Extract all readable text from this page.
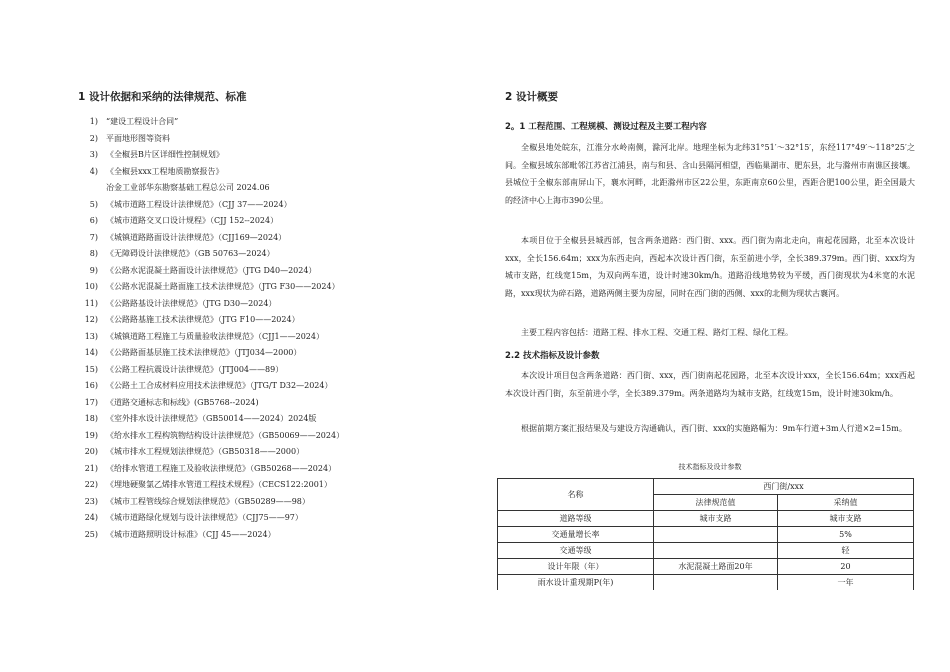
1 设计依据和采纳的法律规范、标准
1) “建设工程设计合同”
2) 平面地形图等资料
3) 《全椒县B片区详细性控制规划》
4) 《全椒县xxx工程地质勘察报告》
冶金工业部华东勘察基础工程总公司 2024.06
5) 《城市道路工程设计法律规范》（CJJ 37——2024）
6) 《城市道路交叉口设计规程》（CJJ 152--2024）
7) 《城镇道路路面设计法律规范》（CJJ169—2024）
8) 《无障碍设计法律规范》（GB 50763—2024）
9) 《公路水泥混凝土路面设计法律规范》（JTG D40—2024）
10) 《公路水泥混凝土路面施工技术法律规范》（JTG F30——2024）
11) 《公路路基设计法律规范》（JTG D30—2024）
12) 《公路路基施工技术法律规范》（JTG F10——2024）
13) 《城镇道路工程施工与质量验收法律规范》（CJJ1——2024）
14) 《公路路面基层施工技术法律规范》（JTJ034—2000）
15) 《公路工程抗震设计法律规范》（JTJ004——89）
16) 《公路土工合成材料应用技术法律规范》（JTG/T D32—2024）
17) 《道路交通标志和标线》(GB5768--2024)
18) 《室外排水设计法律规范》（GB50014——2024）2024版
19) 《给水排水工程构筑物结构设计法律规范》（GB50069——2024）
20) 《城市排水工程规划法律规范》（GB50318——2000）
21) 《给排水管道工程施工及验收法律规范》（GB50268——2024）
22) 《埋地硬聚氯乙烯排水管道工程技术规程》（CECS122:2001）
23) 《城市工程管线综合规划法律规范》（GB50289——98）
24) 《城市道路绿化规划与设计法律规范》（CJJ75——97）
25) 《城市道路照明设计标准》（CJJ 45——2024）
2 设计概要
2。1 工程范围、工程规模、测设过程及主要工程内容

全椒县地处皖东，江淮分水岭南侧，滁河北岸。地理坐标为北纬31°51′～32°15′，东经117°49′～118°25′之间。全椒县域东部毗邻江苏省江浦县，南与和县、含山县隔河相望，西临巢湖市、肥东县，北与滁州市南谯区接壤。县城位于全椒东部南屏山下，襄水河畔，北距滁州市区22公里，东距南京60公里，西距合肥100公里，距全国最大的经济中心上海市390公里。

本项目位于全椒县县城西部，包含两条道路：西门街、xxx。西门街为南北走向，南起花园路，北至本次设计xxx，全长156.64m；xxx为东西走向，西起本次设计西门街，东至前进小学，全长389.379m。西门街、xxx均为城市支路，红线宽15m，为双向两车道，设计时速30km/h。道路沿线地势较为平缓，西门街现状为4米宽的水泥路，xxx现状为碎石路，道路两侧主要为房屋，同时在西门街的西侧、xxx的北侧为现状古襄河。

主要工程内容包括：道路工程、排水工程、交通工程、路灯工程、绿化工程。

2.2 技术指标及设计参数

本次设计项目包含两条道路：西门街、xxx，西门街南起花园路，北至本次设计xxx，全长156.64m；xxx西起本次设计西门街，东至前进小学，全长389.379m。两条道路均为城市支路，红线宽15m，设计时速30km/h。

根据前期方案汇报结果及与建设方沟通确认，西门街、xxx的实施路幅为：9m车行道+3m人行道×2=15m。

技术指标及设计参数
名称	西门街/xxx	
	法律规范值	采纳值
道路等级	城市支路	城市支路
交通量增长率		5%
交通等级		轻
设计年限（年）	水泥混凝土路面20年	20
雨水设计重现期P(年)		一年
